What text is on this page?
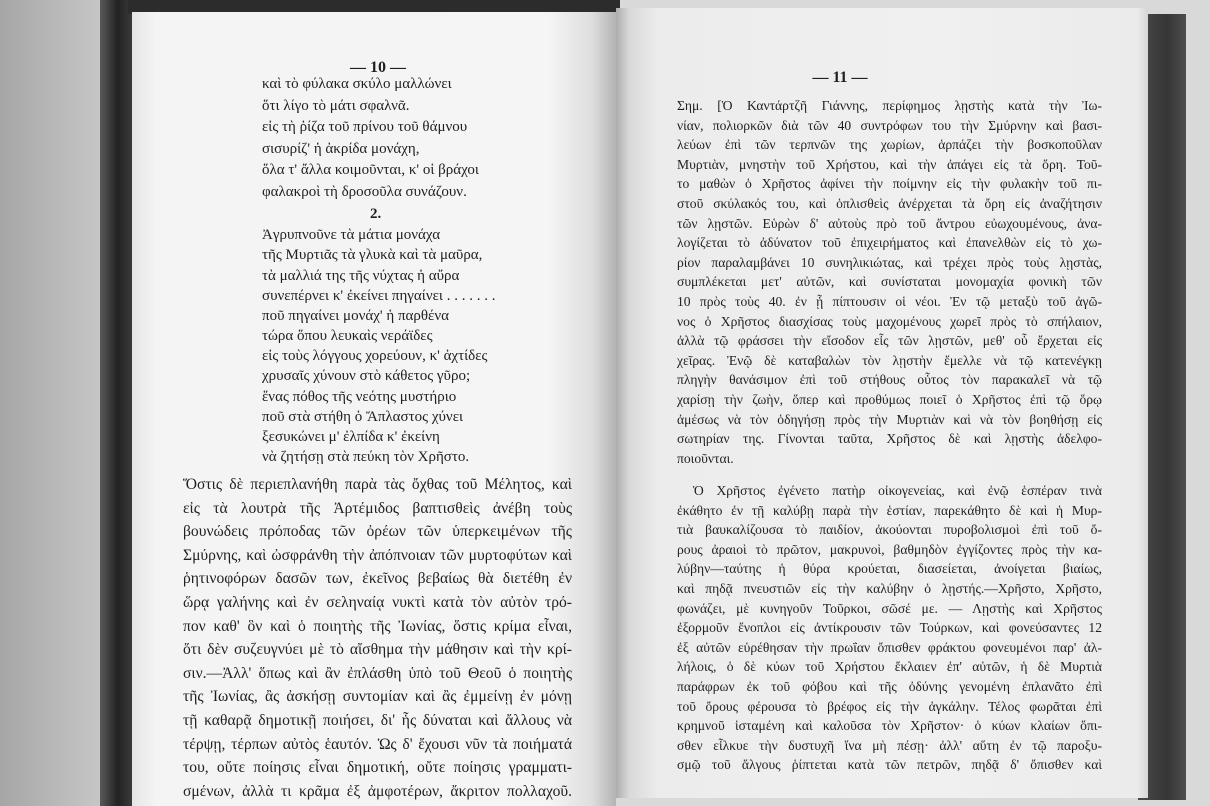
— 10 —
καὶ τὸ φύλακα σκύλο μαλλώνει
ὅτι λίγο τὸ μάτι σφαλνᾶ.
εἰς τὴ ῥίζα τοῦ πρίνου τοῦ θάμνου
σισυρίζ' ἡ ἀκρίδα μονάχη,
ὅλα τ' ἄλλα κοιμοῦνται, κ' οἱ βράχοι
φαλακροὶ τὴ δροσοῦλα συνάζουν.
2.
Ἀγρυπνοῦνε τὰ μάτια μονάχα
τῆς Μυρτιᾶς τὰ γλυκὰ καὶ τὰ μαῦρα,
τὰ μαλλιά της τῆς νύχτας ἡ αὔρα
συνεπέρνει κ' ἐκείνει πηγαίνει . . . . . . .
ποῦ πηγαίνει μονάχ' ἡ παρθένα
τώρα ὅπου λευκαὶς νεράϊδες
εἰς τοὺς λόγγους χορεύουν, κ' ἀχτίδες
χρυσαῖς χύνουν στὸ κάθετος γῦρο;
ἕνας πόθος τῆς νεότης μυστήριο
ποῦ στὰ στήθη ὁ Ἄπλαστος χύνει
ξεσυκώνει μ' ἐλπίδα κ' ἐκείνη
νὰ ζητήσῃ στὰ πεύκη τὸν Χρῆστο.
Ὅστις δὲ περιεπλανήθη παρὰ τὰς ὄχθας τοῦ Μέλητος, καὶ
εἰς τὰ λουτρὰ τῆς Ἀρτέμιδος βαπτισθεὶς ἀνέβη τοὺς
βουνώδεις πρόποδας τῶν ὀρέων τῶν ὑπερκειμένων τῆς
Σμύρνης, καὶ ὠσφράνθη τὴν ἀπόπνοιαν τῶν μυρτοφύτων καὶ
ῥητινοφόρων δασῶν των, ἐκεῖνος βεβαίως θὰ διετέθη ἐν
ὥρᾳ γαλήνης καὶ ἐν σεληναίᾳ νυκτὶ κατὰ τὸν αὐτὸν τρό-
πον καθ' ὃν καὶ ὁ ποιητὴς τῆς Ἰωνίας, ὅστις κρίμα εἶναι,
ὅτι δὲν συζευγνύει μὲ τὸ αἴσθημα τὴν μάθησιν καὶ τὴν κρί-
σιν.—Ἀλλ' ὅπως καὶ ἂν ἐπλάσθη ὑπὸ τοῦ Θεοῦ ὁ ποιητὴς
τῆς Ἰωνίας, ἂς ἀσκήσῃ συντομίαν καὶ ἂς ἐμμείνῃ ἐν μόνῃ
τῇ καθαρᾷ δημοτικῇ ποιήσει, δι' ἧς δύναται καὶ ἄλλους νὰ
τέρψῃ, τέρπων αὐτὸς ἑαυτόν. Ὡς δ' ἔχουσι νῦν τὰ ποιήματά
του, οὔτε ποίησις εἶναι δημοτική, οὔτε ποίησις γραμματι-
σμένων, ἀλλὰ τι κρᾶμα ἐξ ἀμφοτέρων, ἄκριτον πολλαχοῦ.
— 11 —
Σημ. [Ὁ Καντάρτζῆ Γιάννης, περίφημος λῃστὴς κατὰ τὴν Ἰω-
νίαν, πολιορκῶν διὰ τῶν 40 συντρόφων του τὴν Σμύρνην καὶ βασι-
λεύων ἐπὶ τῶν τερπνῶν της χωρίων, ἁρπάζει τὴν βοσκοποῦλαν
Μυρτιὰν, μνηστὴν τοῦ Χρήστου, καὶ τὴν ἀπάγει εἰς τὰ ὄρη. Τοῦ-
το μαθὼν ὁ Χρῆστος ἀφίνει τὴν ποίμνην εἰς τὴν φυλακὴν τοῦ πι-
στοῦ σκύλακός του, καὶ ὁπλισθεὶς ἀνέρχεται τὰ ὄρη εἰς ἀναζήτησιν
τῶν λῃστῶν. Εὑρὼν δ' αὐτοὺς πρὸ τοῦ ἄντρου εὐωχουμένους, ἀνα-
λογίζεται τὸ ἀδύνατον τοῦ ἐπιχειρήματος καὶ ἐπανελθὼν εἰς τὸ χω-
ρίον παραλαμβάνει 10 συνηλικιώτας, καὶ τρέχει πρὸς τοὺς λῃστὰς,
συμπλέκεται μετ' αὐτῶν, καὶ συνίσταται μονομαχία φονικὴ τῶν
10 πρὸς τοὺς 40. ἐν ᾗ πίπτουσιν οἱ νέοι. Ἐν τῷ μεταξὺ τοῦ ἀγῶ-
νος ὁ Χρῆστος διασχίσας τοὺς μαχομένους χωρεῖ πρὸς τὸ σπήλαιον,
ἀλλὰ τῷ φράσσει τὴν εἴσοδον εἷς τῶν λῃστῶν, μεθ' οὗ ἔρχεται εἰς
χεῖρας. Ἐνῷ δὲ καταβαλὼν τὸν λῃστὴν ἔμελλε νὰ τῷ κατενέγκῃ
πληγὴν θανάσιμον ἐπὶ τοῦ στήθους οὗτος τὸν παρακαλεῖ νὰ τῷ
χαρίσῃ τὴν ζωὴν, ὅπερ καὶ προθύμως ποιεῖ ὁ Χρῆστος ἐπὶ τῷ ὅρῳ
ἀμέσως νὰ τὸν ὁδηγήσῃ πρὸς τὴν Μυρτιὰν καὶ νὰ τὸν βοηθήσῃ εἰς
σωτηρίαν της. Γίνονται ταῦτα, Χρῆστος δὲ καὶ λῃστὴς ἀδελφο-
ποιοῦνται.
Ὁ Χρῆστος ἐγένετο πατὴρ οἰκογενείας, καὶ ἐνῷ ἑσπέραν τινὰ
ἐκάθητο ἐν τῇ καλύβῃ παρὰ τὴν ἑστίαν, παρεκάθητο δὲ καὶ ἡ Μυρ-
τιὰ βαυκαλίζουσα τὸ παιδίον, ἀκούονται πυροβολισμοὶ ἐπὶ τοῦ ὄ-
ρους ἀραιοὶ τὸ πρῶτον, μακρυνοὶ, βαθμηδὸν ἐγγίζοντες πρὸς τὴν κα-
λύβην—ταύτης ἡ θύρα κρούεται, διασείεται, ἀνοίγεται βιαίως,
καὶ πηδᾷ πνευστιῶν εἰς τὴν καλύβην ὁ λῃστής.—Χρῆστο, Χρῆστο,
φωνάζει, μὲ κυνηγοῦν Τοῦρκοι, σῶσέ με. — Λῃστὴς καὶ Χρῆστος
ἐξορμοῦν ἔνοπλοι εἰς ἀντίκρουσιν τῶν Τούρκων, καὶ φονεύσαντες 12
ἐξ αὐτῶν εὑρέθησαν τὴν πρωΐαν ὄπισθεν φράκτου φονευμένοι παρ' ἀλ-
λήλοις, ὁ δὲ κύων τοῦ Χρήστου ἔκλαιεν ἐπ' αὐτῶν, ἡ δὲ Μυρτιὰ
παράφρων ἐκ τοῦ φόβου καὶ τῆς ὀδύνης γενομένη ἐπλανᾶτο ἐπὶ
τοῦ ὄρους φέρουσα τὸ βρέφος εἰς τὴν ἀγκάλην. Τέλος φωρᾶται ἐπὶ
κρημνοῦ ἱσταμένη καὶ καλοῦσα τὸν Χρῆστον· ὁ κύων κλαίων ὄπι-
σθεν εἷλκυε τὴν δυστυχῆ ἵνα μὴ πέσῃ· ἀλλ' αὕτη ἐν τῷ παροξυ-
σμῷ τοῦ ἄλγους ῥίπτεται κατὰ τῶν πετρῶν, πηδᾷ δ' ὄπισθεν καὶ
